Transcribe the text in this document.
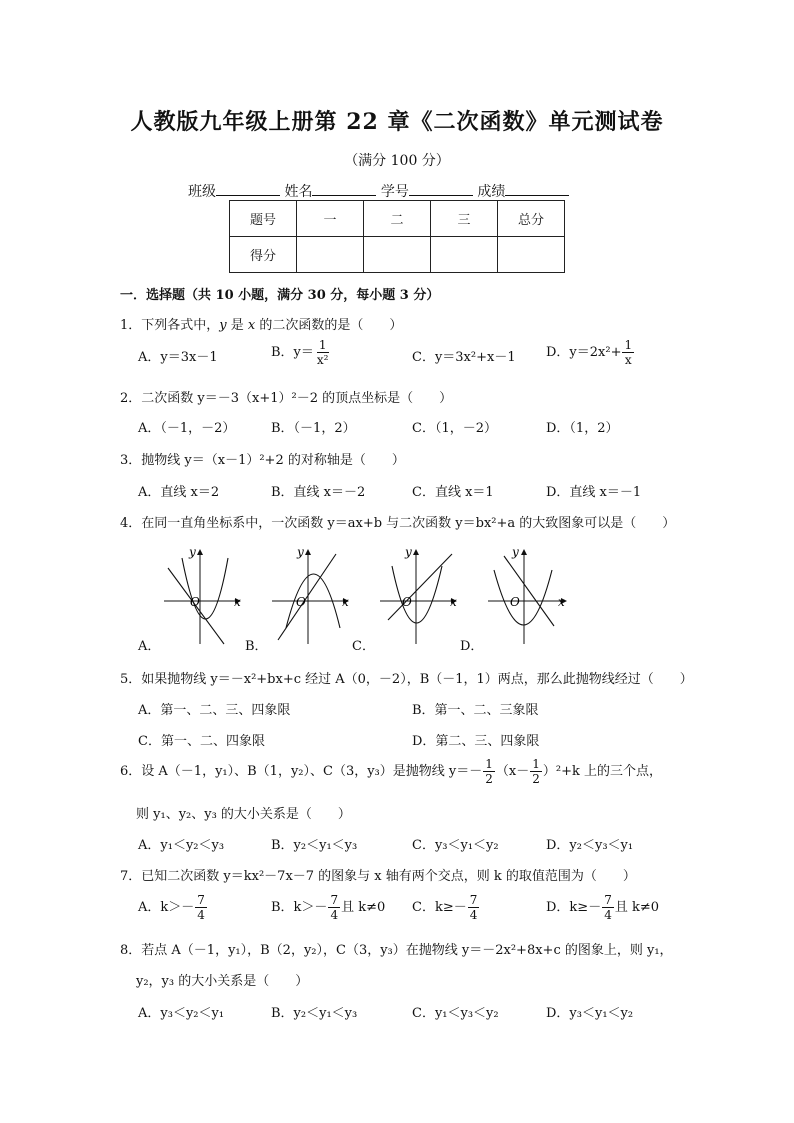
人教版九年级上册第 22 章《二次函数》单元测试卷
（满分 100 分）
班级	姓名	学号	成绩
题号	一	二	三	总分
得分				
一．选择题（共 10 小题，满分 30 分，每小题 3 分）
1．下列各式中，y 是 x 的二次函数的是（　　）
A．y＝3x－1	B．$y= \frac{1}{\text{x²}}$	C．y＝3x²+x－1 D．$y=2x^2+ \frac{1}{x}$
2．二次函数 y＝－3（x+1）²－2 的顶点坐标是（　　）
A．（－1，－2）	B．（－1，2）	C．（1，－2）	D．（1，2）
3．抛物线 y＝（x－1）²+2 的对称轴是（　　）
A．直线 x＝2	B．直线 x＝－2	C．直线 x＝1	D．直线 x＝－1
4．在同一直角坐标系中，一次函数 y＝ax+b 与二次函数 y＝bx²+a 的大致图象可以是（　　）
y
x
O
y
x
O
y
x
O
y
x
O
A．	B．	C．	D．
5．如果抛物线 y＝－x²+bx+c 经过 A（0，－2），B（－1，1）两点，那么此抛物线经过（　　）
A．第一、二、三、四象限	B．第一、二、三象限
C．第一、二、四象限	D．第二、三、四象限
6．设 A（－1，y₁）、B（1，y₂）、C（3，y₃）是抛物线 $y=- \frac{1}{2} (x- \frac{1}{2} )^2+k$ 上的三个点，
则 y₁、y₂、y₃ 的大小关系是（　　）
A．y₁＜y₂＜y₃	B．y₂＜y₁＜y₃	C．y₃＜y₁＜y₂	D．y₂＜y₃＜y₁
7．已知二次函数 y＝kx²－7x－7 的图象与 x 轴有两个交点，则 k 的取值范围为（　　）
A．$k>- \frac{7}{4}$	B．$k>- \frac{7}{4}$ 且 k≠0 C．$k\ge- \frac{7}{4}$	D．$k\ge- \frac{7}{4}$ 且 k≠0
8．若点 A（－1，y₁），B（2，y₂），C（3，y₃）在抛物线 y＝－2x²+8x+c 的图象上，则 y₁，
y₂，y₃ 的大小关系是（　　）
A．y₃＜y₂＜y₁	B．y₂＜y₁＜y₃	C．y₁＜y₃＜y₂	D．y₃＜y₁＜y₂
